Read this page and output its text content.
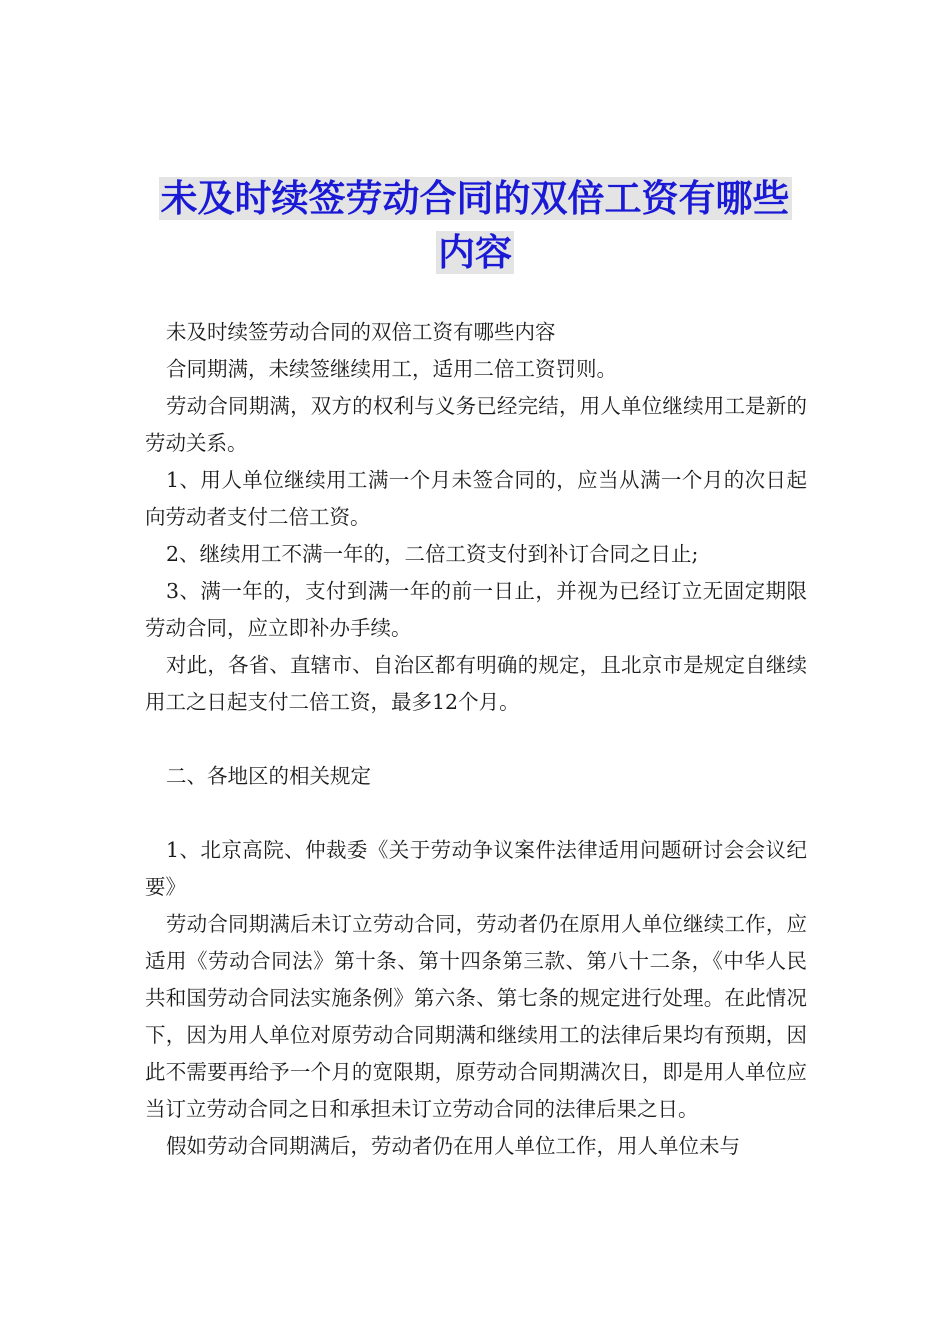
未及时续签劳动合同的双倍工资有哪些
内容

未及时续签劳动合同的双倍工资有哪些内容

合同期满，未续签继续用工，适用二倍工资罚则。

劳动合同期满，双方的权利与义务已经完结，用人单位继续用工是新的劳动关系。

1、用人单位继续用工满一个月未签合同的，应当从满一个月的次日起向劳动者支付二倍工资。

2、继续用工不满一年的，二倍工资支付到补订合同之日止;

3、满一年的，支付到满一年的前一日止，并视为已经订立无固定期限劳动合同，应立即补办手续。

对此，各省、直辖市、自治区都有明确的规定，且北京市是规定自继续用工之日起支付二倍工资，最多12个月。

二、各地区的相关规定

1、北京高院、仲裁委《关于劳动争议案件法律适用问题研讨会会议纪要》

劳动合同期满后未订立劳动合同，劳动者仍在原用人单位继续工作，应适用《劳动合同法》第十条、第十四条第三款、第八十二条，《中华人民共和国劳动合同法实施条例》第六条、第七条的规定进行处理。在此情况下，因为用人单位对原劳动合同期满和继续用工的法律后果均有预期，因此不需要再给予一个月的宽限期，原劳动合同期满次日，即是用人单位应当订立劳动合同之日和承担未订立劳动合同的法律后果之日。

假如劳动合同期满后，劳动者仍在用人单位工作，用人单位未与
